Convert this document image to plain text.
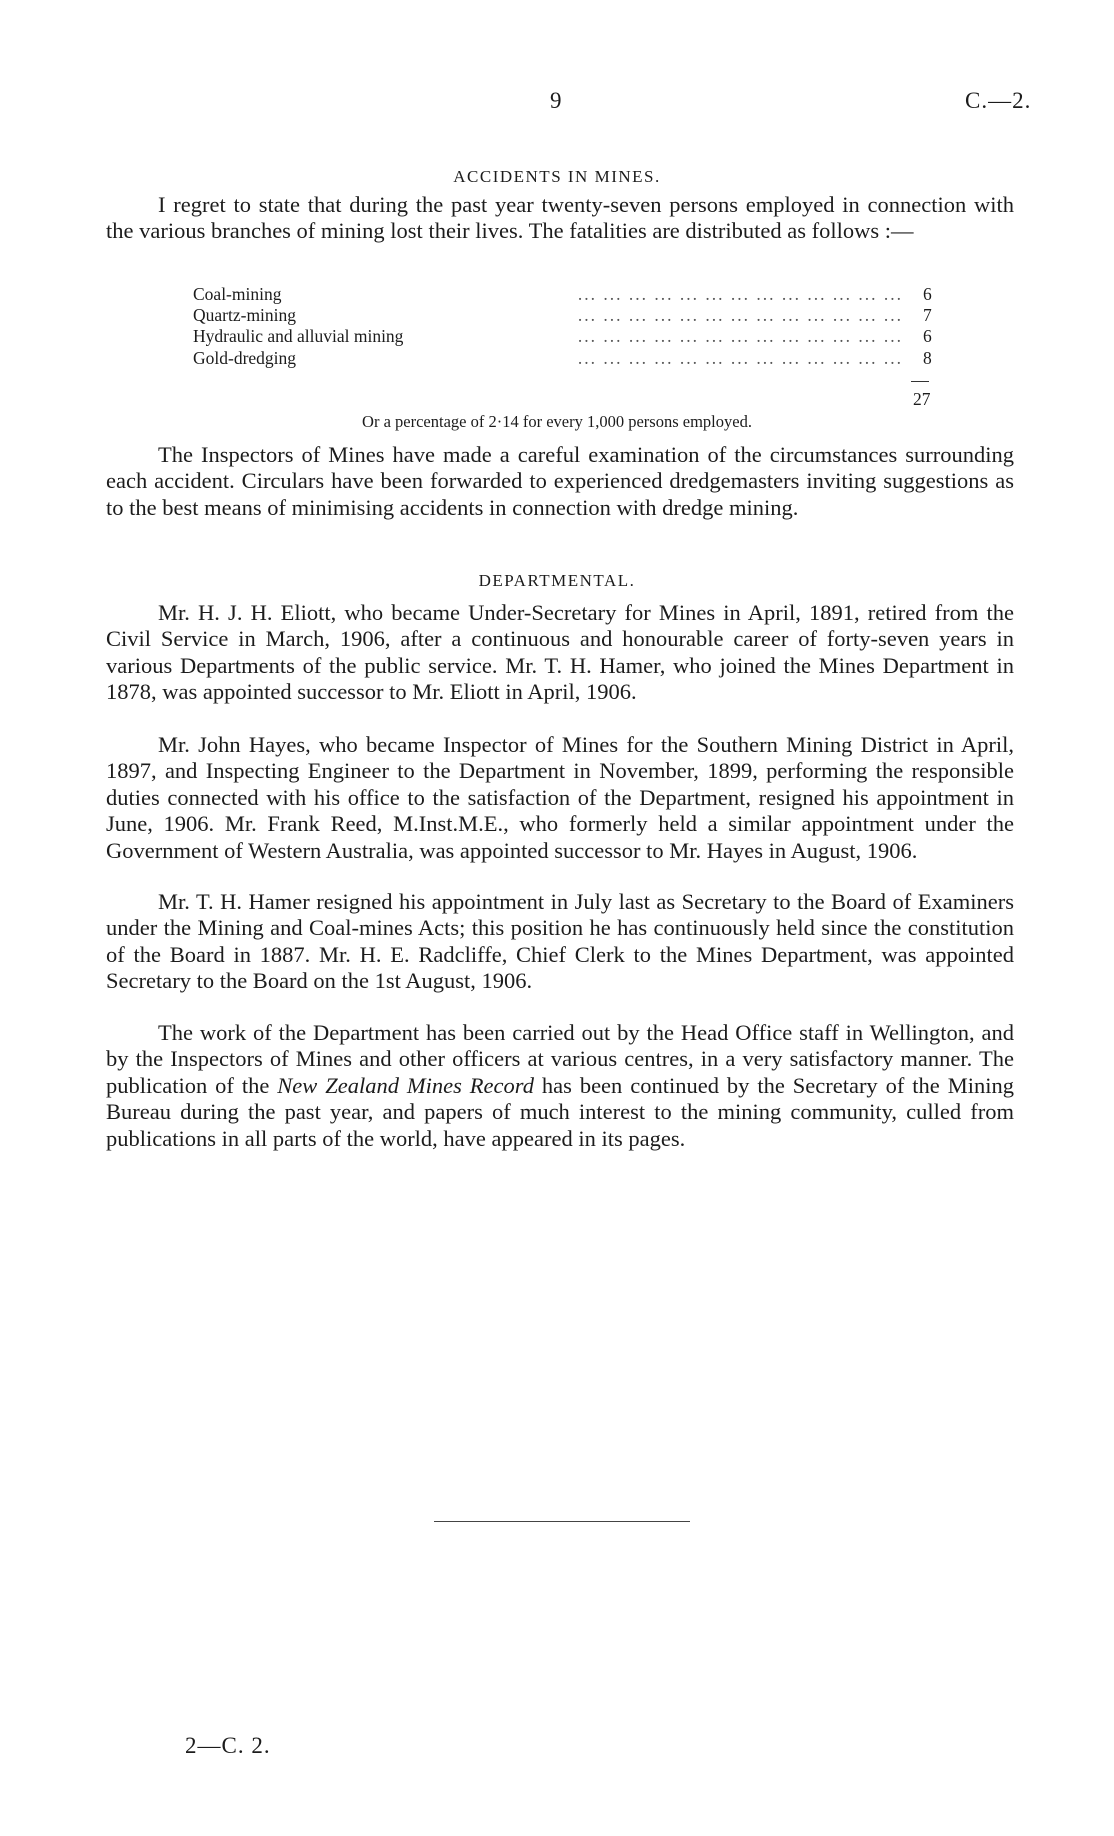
9	C.—2.
ACCIDENTS IN MINES.

I regret to state that during the past year twenty-seven persons employed in connection with the various branches of mining lost their lives. The fatalities are distributed as follows :—

Coal-mining	... ... ... ... ... ... ... ... ... ... ... ... ... 6
Quartz-mining	... ... ... ... ... ... ... ... ... ... ... ... ... 7
Hydraulic and alluvial mining	... ... ... ... ... ... ... ... ... ... ... ... ... 6
Gold-dredging	... ... ... ... ... ... ... ... ... ... ... ... ... 8
27
Or a percentage of 2·14 for every 1,000 persons employed.

The Inspectors of Mines have made a careful examination of the circumstances surrounding each accident. Circulars have been forwarded to experienced dredgemasters inviting suggestions as to the best means of minimising accidents in connection with dredge mining.

DEPARTMENTAL.

Mr. H. J. H. Eliott, who became Under-Secretary for Mines in April, 1891, retired from the Civil Service in March, 1906, after a continuous and honourable career of forty-seven years in various Departments of the public service. Mr. T. H. Hamer, who joined the Mines Department in 1878, was appointed successor to Mr. Eliott in April, 1906.

Mr. John Hayes, who became Inspector of Mines for the Southern Mining District in April, 1897, and Inspecting Engineer to the Department in November, 1899, performing the responsible duties connected with his office to the satisfaction of the Department, resigned his appointment in June, 1906. Mr. Frank Reed, M.Inst.M.E., who formerly held a similar appointment under the Government of Western Australia, was appointed successor to Mr. Hayes in August, 1906.

Mr. T. H. Hamer resigned his appointment in July last as Secretary to the Board of Examiners under the Mining and Coal-mines Acts; this position he has continuously held since the constitution of the Board in 1887. Mr. H. E. Radcliffe, Chief Clerk to the Mines Department, was appointed Secretary to the Board on the 1st August, 1906.

The work of the Department has been carried out by the Head Office staff in Wellington, and by the Inspectors of Mines and other officers at various centres, in a very satisfactory manner. The publication of the New Zealand Mines Record has been continued by the Secretary of the Mining Bureau during the past year, and papers of much interest to the mining community, culled from publications in all parts of the world, have appeared in its pages.

2—C. 2.
